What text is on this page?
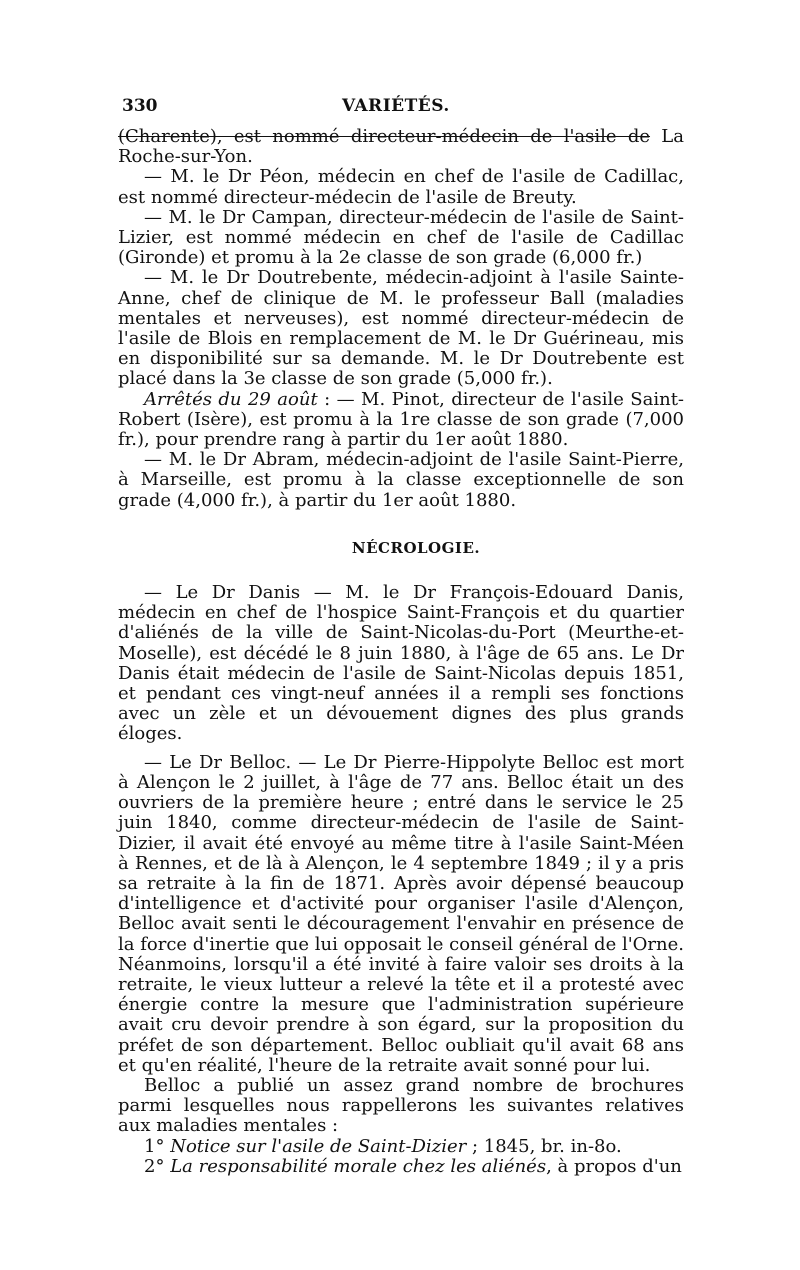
330	VARIÉTÉS.

(Charente), est nommé directeur-médecin de l'asile de La Roche-sur-Yon.

— M. le Dr Péon, médecin en chef de l'asile de Cadillac, est nommé directeur-médecin de l'asile de Breuty.

— M. le Dr Campan, directeur-médecin de l'asile de Saint-Lizier, est nommé médecin en chef de l'asile de Cadillac (Gironde) et promu à la 2e classe de son grade (6,000 fr.)

— M. le Dr Doutrebente, médecin-adjoint à l'asile Sainte-Anne, chef de clinique de M. le professeur Ball (maladies mentales et nerveuses), est nommé directeur-médecin de l'asile de Blois en remplacement de M. le Dr Guérineau, mis en disponibilité sur sa demande. M. le Dr Doutrebente est placé dans la 3e classe de son grade (5,000 fr.).

Arrêtés du 29 août : — M. Pinot, directeur de l'asile Saint-Robert (Isère), est promu à la 1re classe de son grade (7,000 fr.), pour prendre rang à partir du 1er août 1880.

— M. le Dr Abram, médecin-adjoint de l'asile Saint-Pierre, à Marseille, est promu à la classe exceptionnelle de son grade (4,000 fr.), à partir du 1er août 1880.

NÉCROLOGIE.

— Le Dr Danis — M. le Dr François-Edouard Danis, médecin en chef de l'hospice Saint-François et du quartier d'aliénés de la ville de Saint-Nicolas-du-Port (Meurthe-et-Moselle), est décédé le 8 juin 1880, à l'âge de 65 ans. Le Dr Danis était médecin de l'asile de Saint-Nicolas depuis 1851, et pendant ces vingt-neuf années il a rempli ses fonctions avec un zèle et un dévouement dignes des plus grands éloges.

— Le Dr Belloc. — Le Dr Pierre-Hippolyte Belloc est mort à Alençon le 2 juillet, à l'âge de 77 ans. Belloc était un des ouvriers de la première heure ; entré dans le service le 25 juin 1840, comme directeur-médecin de l'asile de Saint-Dizier, il avait été envoyé au même titre à l'asile Saint-Méen à Rennes, et de là à Alençon, le 4 septembre 1849 ; il y a pris sa retraite à la fin de 1871. Après avoir dépensé beaucoup d'intelligence et d'activité pour organiser l'asile d'Alençon, Belloc avait senti le découragement l'envahir en présence de la force d'inertie que lui opposait le conseil général de l'Orne. Néanmoins, lorsqu'il a été invité à faire valoir ses droits à la retraite, le vieux lutteur a relevé la tête et il a protesté avec énergie contre la mesure que l'administration supérieure avait cru devoir prendre à son égard, sur la proposition du préfet de son département. Belloc oubliait qu'il avait 68 ans et qu'en réalité, l'heure de la retraite avait sonné pour lui.

Belloc a publié un assez grand nombre de brochures parmi lesquelles nous rappellerons les suivantes relatives aux maladies mentales :

1° Notice sur l'asile de Saint-Dizier ; 1845, br. in-8o.

2° La responsabilité morale chez les aliénés, à propos d'un
